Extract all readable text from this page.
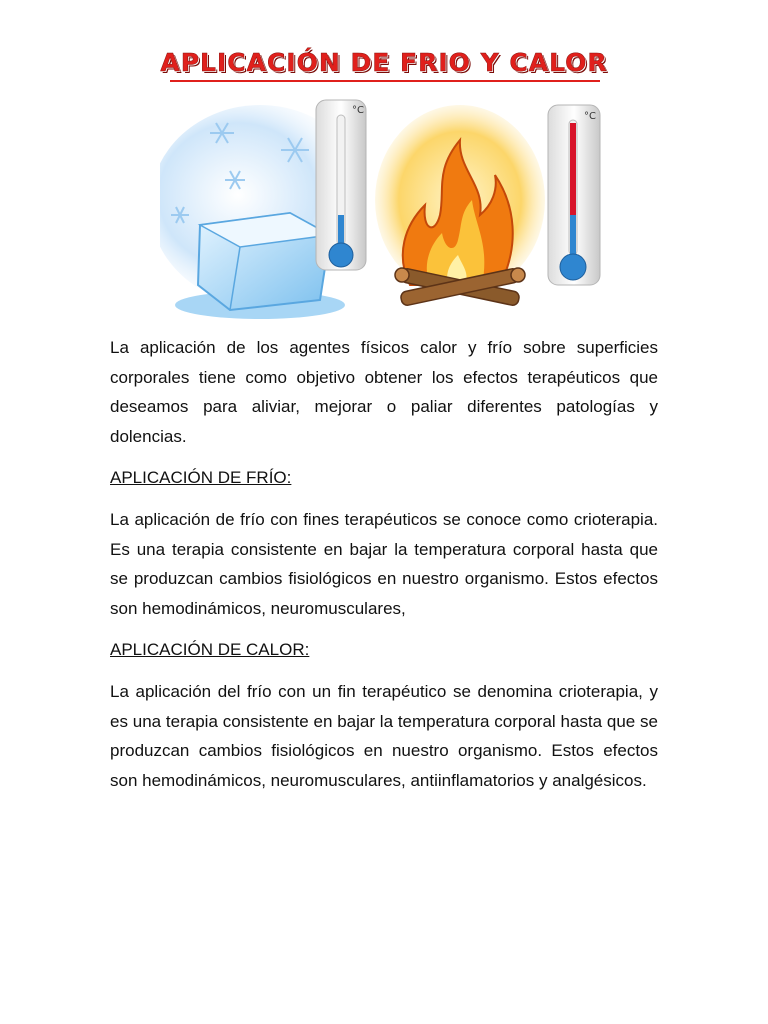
APLICACIÓN DE FRIO Y CALOR
°C
°C

La aplicación de los agentes físicos calor y frío sobre superficies corporales tiene como objetivo obtener los efectos terapéuticos que deseamos para aliviar, mejorar o paliar diferentes patologías y dolencias.

APLICACIÓN DE FRÍO:

La aplicación de frío con fines terapéuticos se conoce como crioterapia. Es una terapia consistente en bajar la temperatura corporal hasta que se produzcan cambios fisiológicos en nuestro organismo. Estos efectos son hemodinámicos, neuromusculares,

APLICACIÓN DE CALOR:

La aplicación del frío con un fin terapéutico se denomina crioterapia, y es una terapia consistente en bajar la temperatura corporal hasta que se produzcan cambios fisiológicos en nuestro organismo. Estos efectos son hemodinámicos, neuromusculares, antiinflamatorios y analgésicos.
